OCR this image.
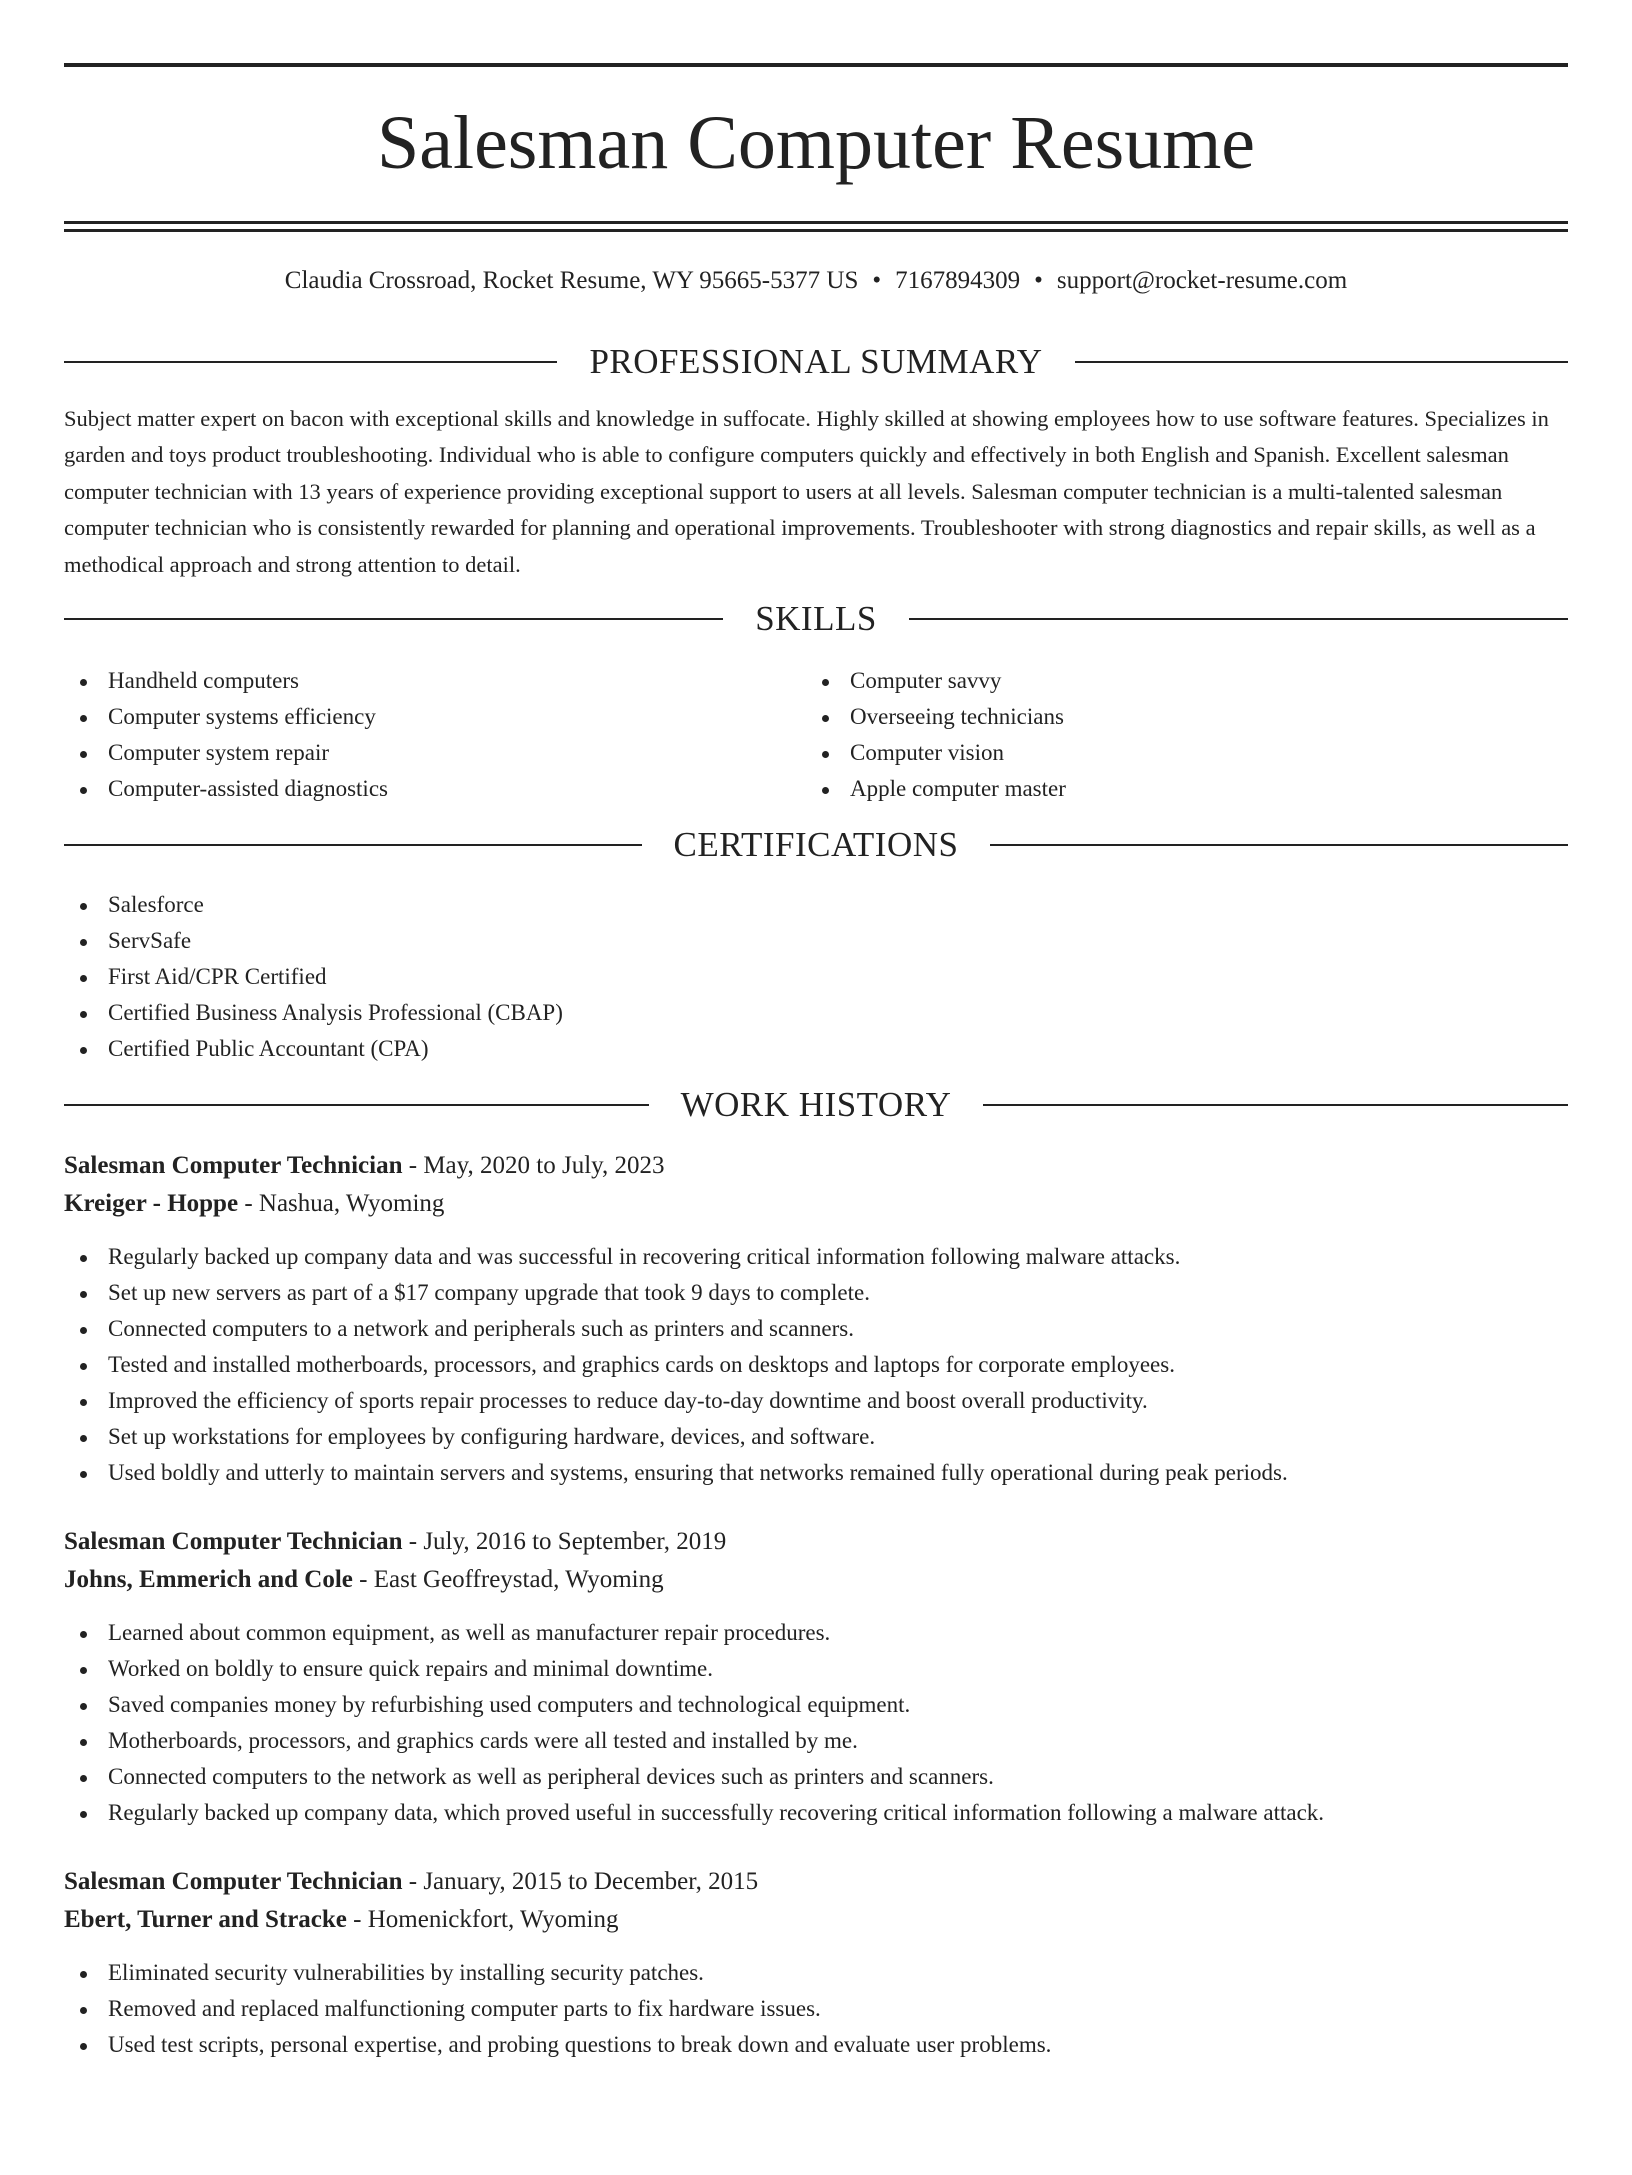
Salesman Computer Resume
Claudia Crossroad, Rocket Resume, WY 95665-5377 US • 7167894309 • support@rocket-resume.com
PROFESSIONAL SUMMARY

Subject matter expert on bacon with exceptional skills and knowledge in suffocate. Highly skilled at showing employees how to use software features. Specializes in garden and toys product troubleshooting. Individual who is able to configure computers quickly and effectively in both English and Spanish. Excellent salesman computer technician with 13 years of experience providing exceptional support to users at all levels. Salesman computer technician is a multi-talented salesman computer technician who is consistently rewarded for planning and operational improvements. Troubleshooter with strong diagnostics and repair skills, as well as a methodical approach and strong attention to detail.

SKILLS
Handheld computers
Computer systems efficiency
Computer system repair
Computer-assisted diagnostics
Computer savvy
Overseeing technicians
Computer vision
Apple computer master
CERTIFICATIONS
Salesforce
ServSafe
First Aid/CPR Certified
Certified Business Analysis Professional (CBAP)
Certified Public Accountant (CPA)
WORK HISTORY
Salesman Computer Technician - May, 2020 to July, 2023
Kreiger - Hoppe - Nashua, Wyoming
Regularly backed up company data and was successful in recovering critical information following malware attacks.
Set up new servers as part of a $17 company upgrade that took 9 days to complete.
Connected computers to a network and peripherals such as printers and scanners.
Tested and installed motherboards, processors, and graphics cards on desktops and laptops for corporate employees.
Improved the efficiency of sports repair processes to reduce day-to-day downtime and boost overall productivity.
Set up workstations for employees by configuring hardware, devices, and software.
Used boldly and utterly to maintain servers and systems, ensuring that networks remained fully operational during peak periods.
Salesman Computer Technician - July, 2016 to September, 2019
Johns, Emmerich and Cole - East Geoffreystad, Wyoming
Learned about common equipment, as well as manufacturer repair procedures.
Worked on boldly to ensure quick repairs and minimal downtime.
Saved companies money by refurbishing used computers and technological equipment.
Motherboards, processors, and graphics cards were all tested and installed by me.
Connected computers to the network as well as peripheral devices such as printers and scanners.
Regularly backed up company data, which proved useful in successfully recovering critical information following a malware attack.
Salesman Computer Technician - January, 2015 to December, 2015
Ebert, Turner and Stracke - Homenickfort, Wyoming
Eliminated security vulnerabilities by installing security patches.
Removed and replaced malfunctioning computer parts to fix hardware issues.
Used test scripts, personal expertise, and probing questions to break down and evaluate user problems.
